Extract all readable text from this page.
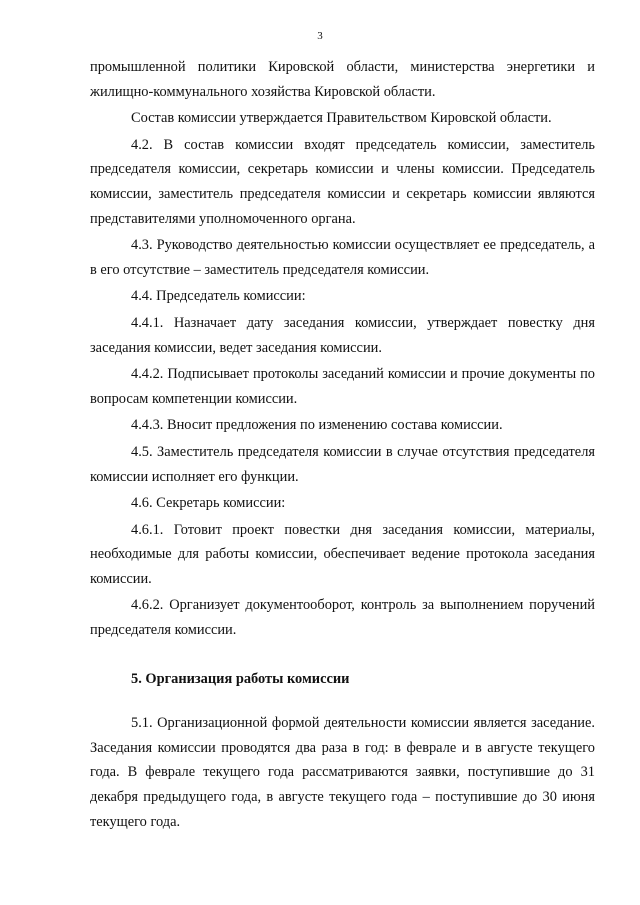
3

промышленной политики Кировской области, министерства энергетики и жилищно-коммунального хозяйства Кировской области.

Состав комиссии утверждается Правительством Кировской области.

4.2. В состав комиссии входят председатель комиссии, заместитель председателя комиссии, секретарь комиссии и члены комиссии. Председатель комиссии, заместитель председателя комиссии и секретарь комиссии являются представителями уполномоченного органа.

4.3. Руководство деятельностью комиссии осуществляет ее председатель, а в его отсутствие – заместитель председателя комиссии.

4.4. Председатель комиссии:

4.4.1. Назначает дату заседания комиссии, утверждает повестку дня заседания комиссии, ведет заседания комиссии.

4.4.2. Подписывает протоколы заседаний комиссии и прочие документы по вопросам компетенции комиссии.

4.4.3. Вносит предложения по изменению состава комиссии.

4.5. Заместитель председателя комиссии в случае отсутствия председателя комиссии исполняет его функции.

4.6. Секретарь комиссии:

4.6.1. Готовит проект повестки дня заседания комиссии, материалы, необходимые для работы комиссии, обеспечивает ведение протокола заседания комиссии.

4.6.2. Организует документооборот, контроль за выполнением поручений председателя комиссии.

5. Организация работы комиссии

5.1. Организационной формой деятельности комиссии является заседание. Заседания комиссии проводятся два раза в год: в феврале и в августе текущего года. В феврале текущего года рассматриваются заявки, поступившие до 31 декабря предыдущего года, в августе текущего года – поступившие до 30 июня текущего года.
